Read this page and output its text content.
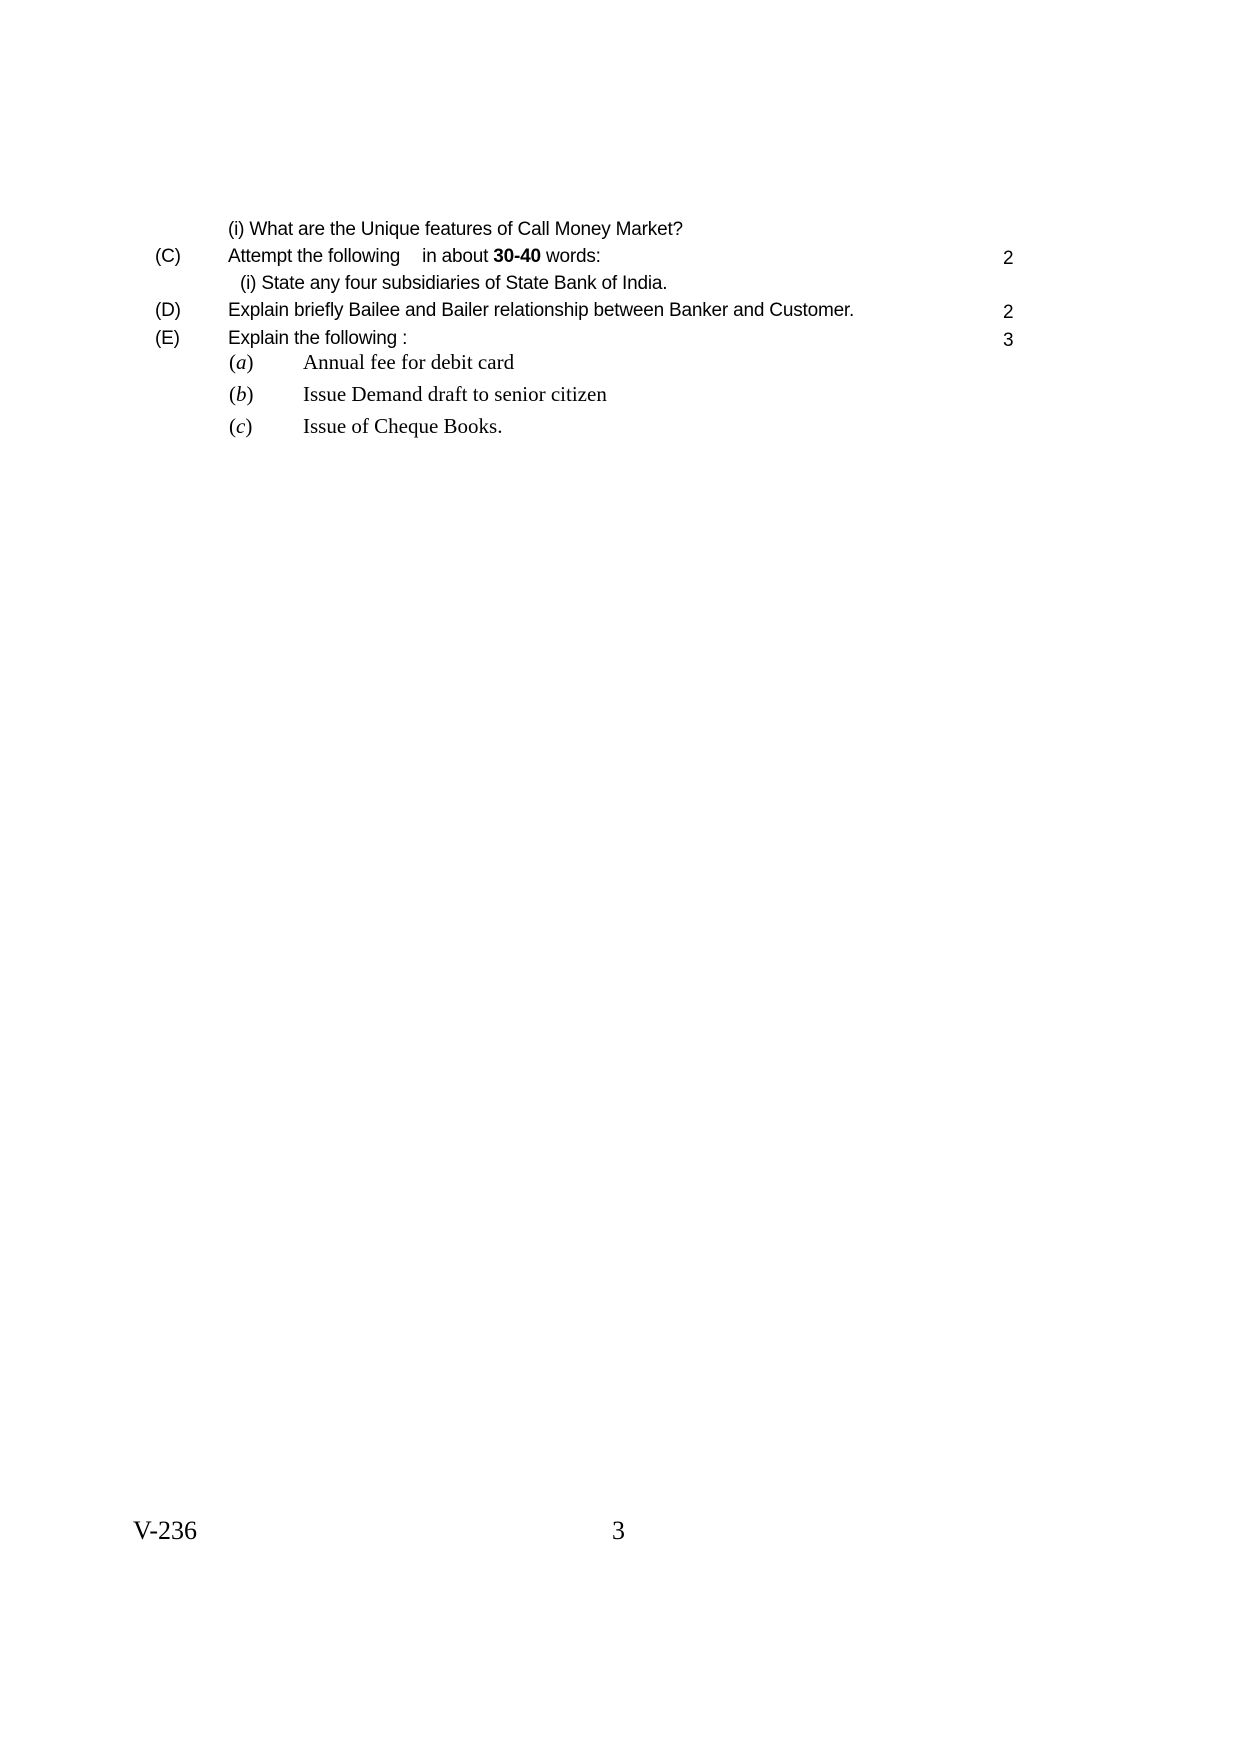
(i) What are the Unique features of Call Money Market?
(C) Attempt the following in about 30-40 words:	2
(i) State any four subsidiaries of State Bank of India.
(D) Explain briefly Bailee and Bailer relationship between Banker and Customer.	2
(E)	Explain the following :	3
(a) Annual fee for debit card
(b) Issue Demand draft to senior citizen
(c) Issue of Cheque Books.
V-236	3
